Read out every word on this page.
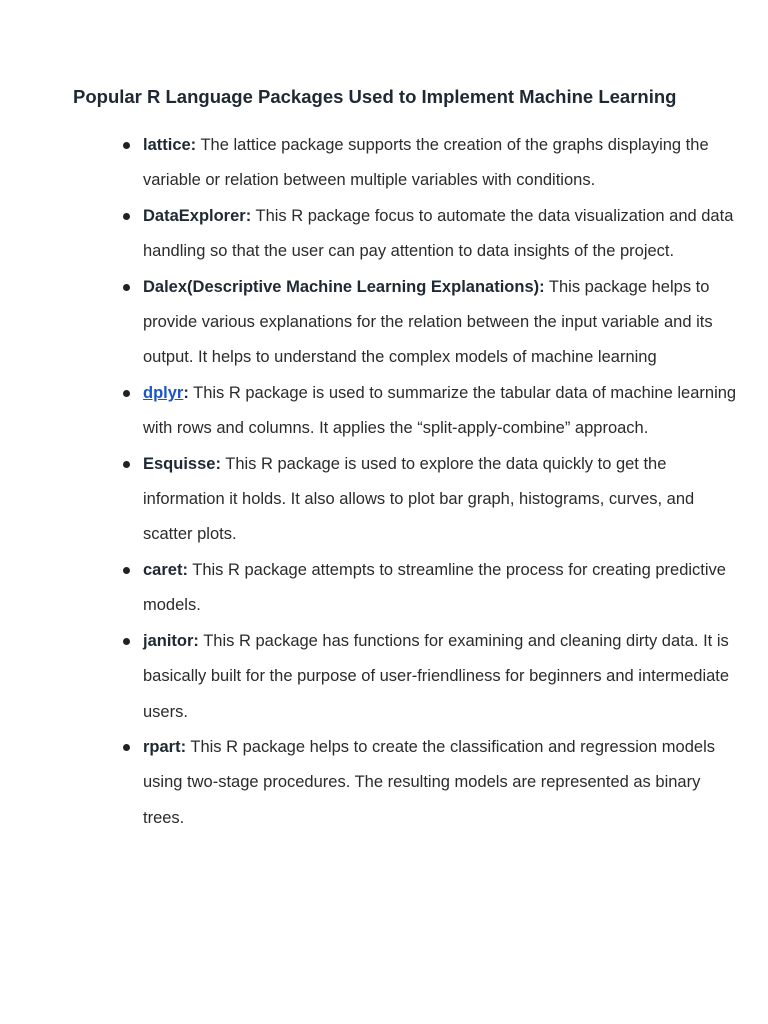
Popular R Language Packages Used to Implement Machine Learning
lattice: The lattice package supports the creation of the graphs displaying the variable or relation between multiple variables with conditions.
DataExplorer: This R package focus to automate the data visualization and data handling so that the user can pay attention to data insights of the project.
Dalex(Descriptive Machine Learning Explanations): This package helps to provide various explanations for the relation between the input variable and its output. It helps to understand the complex models of machine learning
dplyr: This R package is used to summarize the tabular data of machine learning with rows and columns. It applies the “split-apply-combine” approach.
Esquisse: This R package is used to explore the data quickly to get the information it holds. It also allows to plot bar graph, histograms, curves, and scatter plots.
caret: This R package attempts to streamline the process for creating predictive models.
janitor: This R package has functions for examining and cleaning dirty data. It is basically built for the purpose of user-friendliness for beginners and intermediate users.
rpart: This R package helps to create the classification and regression models using two-stage procedures. The resulting models are represented as binary trees.
